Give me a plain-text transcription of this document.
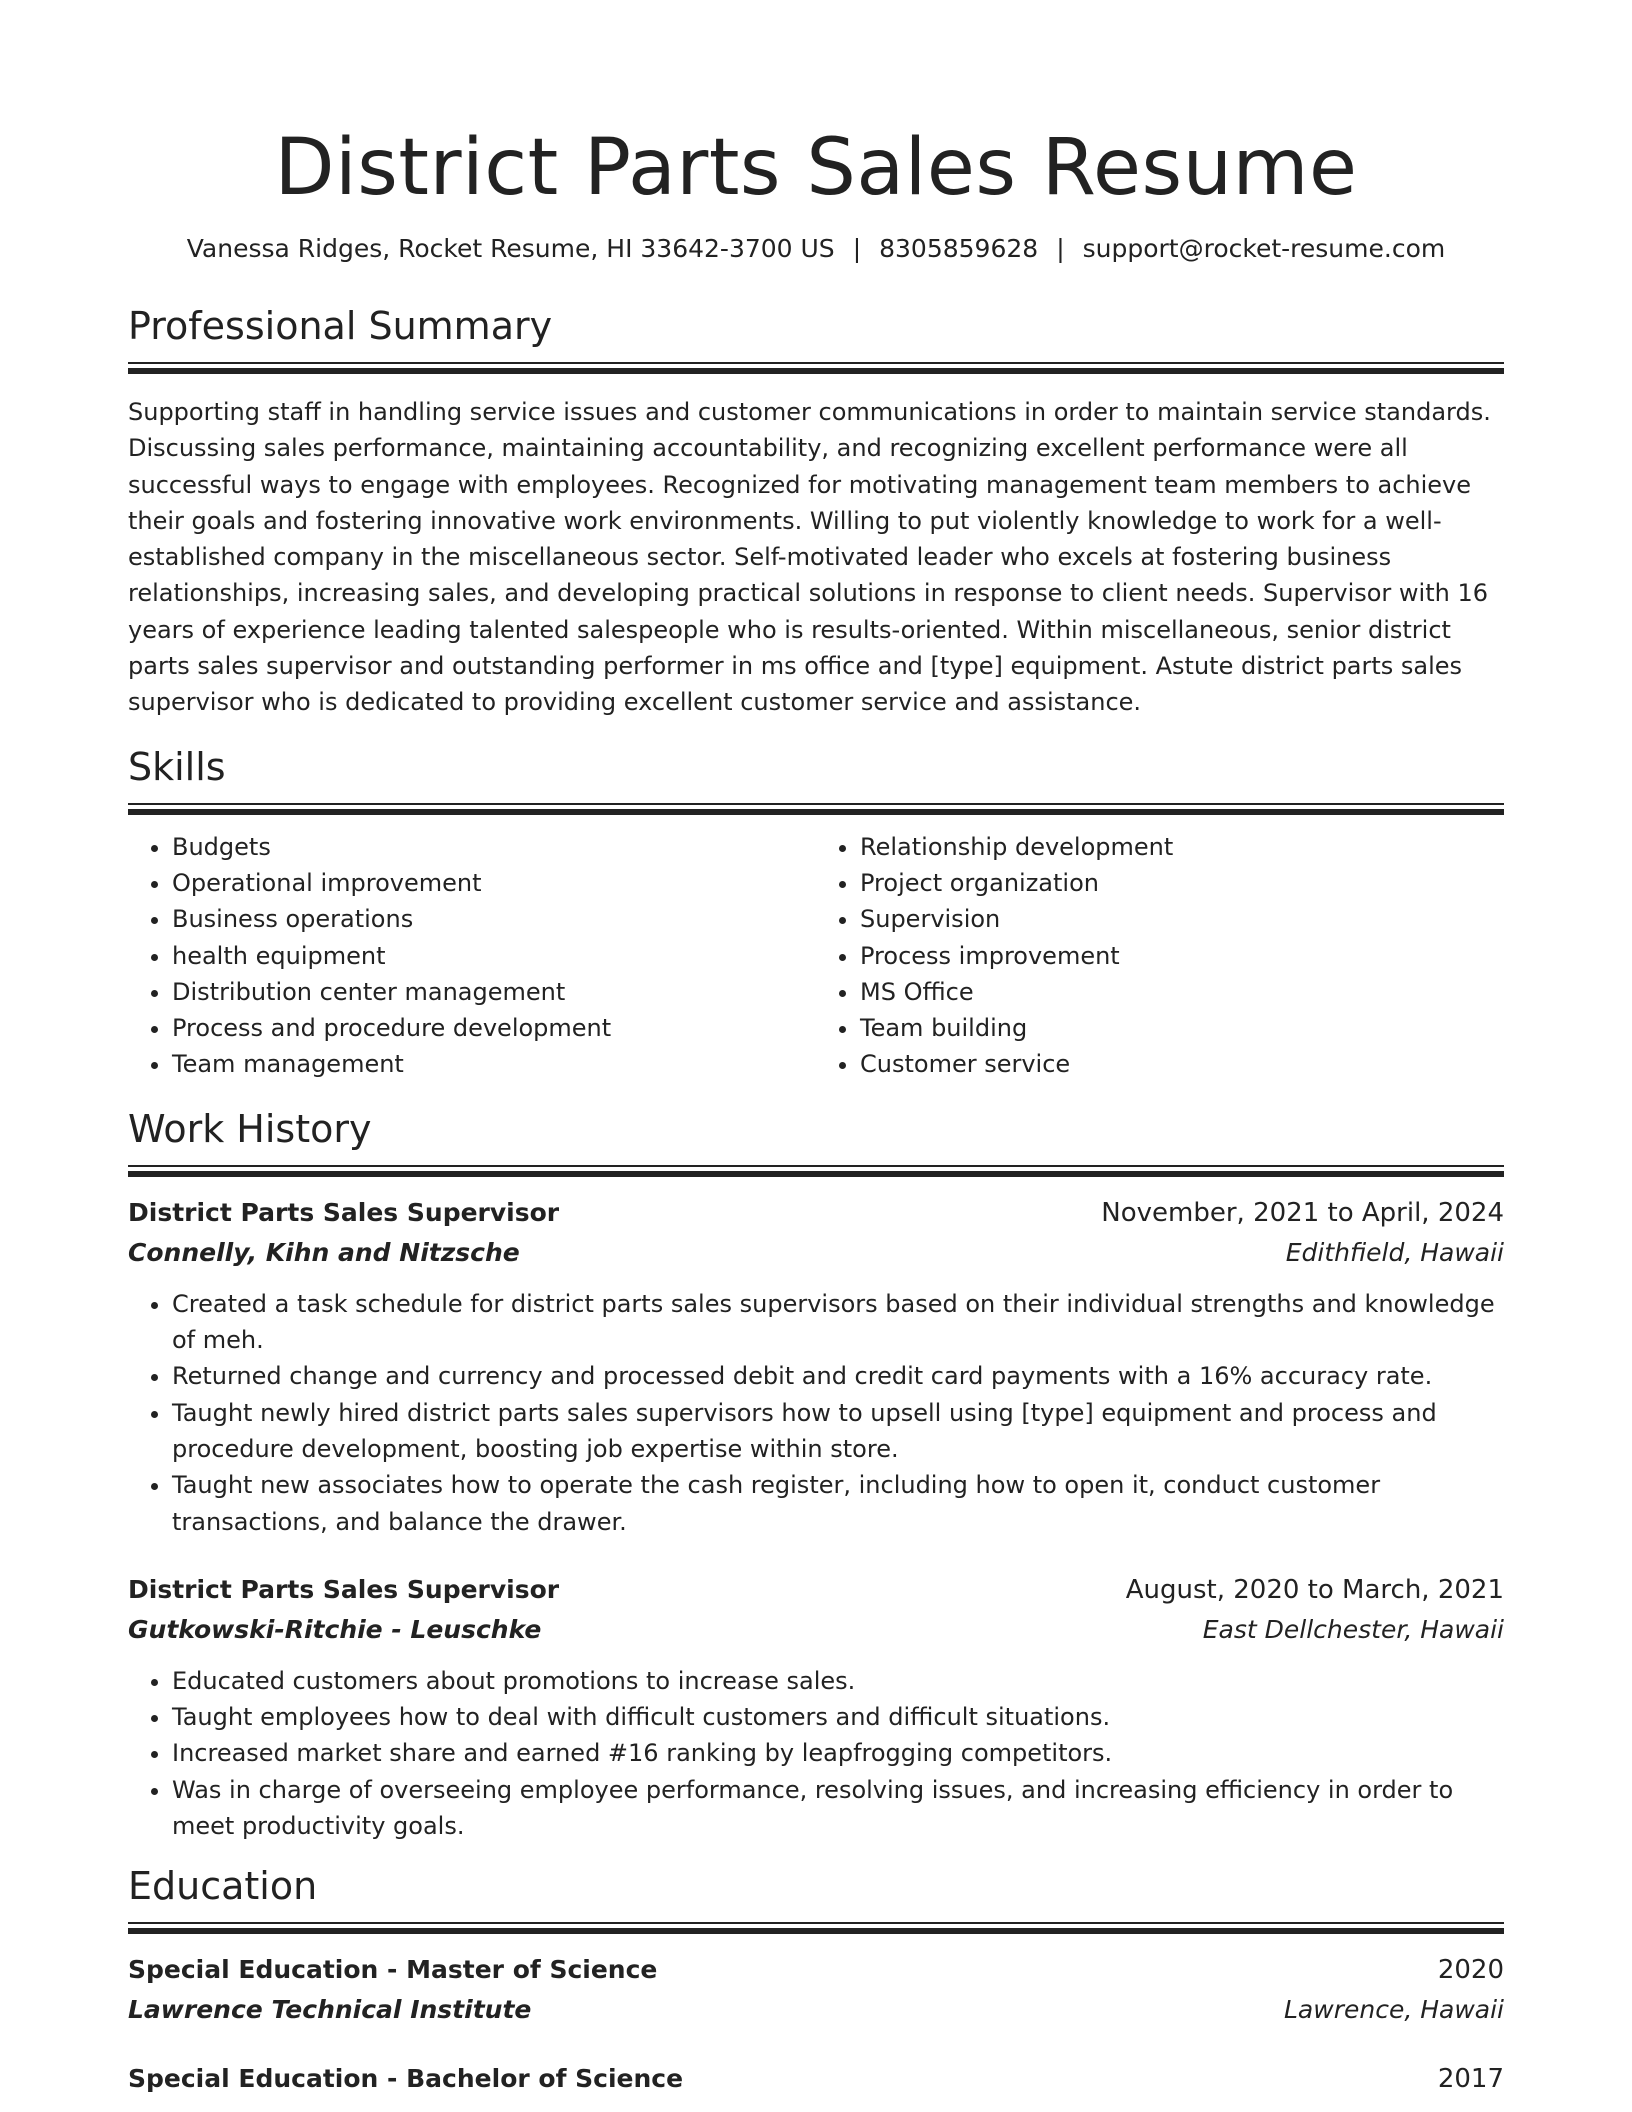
District Parts Sales Resume
Vanessa Ridges, Rocket Resume, HI 33642-3700 US | 8305859628 | support@rocket-resume.com
Professional Summary

Supporting staff in handling service issues and customer communications in order to maintain service standards. Discussing sales performance, maintaining accountability, and recognizing excellent performance were all successful ways to engage with employees. Recognized for motivating management team members to achieve their goals and fostering innovative work environments. Willing to put violently knowledge to work for a well-established company in the miscellaneous sector. Self-motivated leader who excels at fostering business relationships, increasing sales, and developing practical solutions in response to client needs. Supervisor with 16 years of experience leading talented salespeople who is results-oriented. Within miscellaneous, senior district parts sales supervisor and outstanding performer in ms office and [type] equipment. Astute district parts sales supervisor who is dedicated to providing excellent customer service and assistance.

Skills
• Budgets
• Operational improvement
• Business operations
• health equipment
• Distribution center management
• Process and procedure development
• Team management
• Relationship development
• Project organization
• Supervision
• Process improvement
• MS Office
• Team building
• Customer service
Work History
District Parts Sales Supervisor	November, 2021 to April, 2024
Connelly, Kihn and Nitzsche	Edithfield, Hawaii
• Created a task schedule for district parts sales supervisors based on their individual strengths and knowledge of meh.
• Returned change and currency and processed debit and credit card payments with a 16% accuracy rate.
• Taught newly hired district parts sales supervisors how to upsell using [type] equipment and process and procedure development, boosting job expertise within store.
• Taught new associates how to operate the cash register, including how to open it, conduct customer transactions, and balance the drawer.
District Parts Sales Supervisor	August, 2020 to March, 2021
Gutkowski-Ritchie - Leuschke	East Dellchester, Hawaii
• Educated customers about promotions to increase sales.
• Taught employees how to deal with difficult customers and difficult situations.
• Increased market share and earned #16 ranking by leapfrogging competitors.
• Was in charge of overseeing employee performance, resolving issues, and increasing efficiency in order to meet productivity goals.
Education
Special Education - Master of Science	2020
Lawrence Technical Institute	Lawrence, Hawaii
Special Education - Bachelor of Science	2017
